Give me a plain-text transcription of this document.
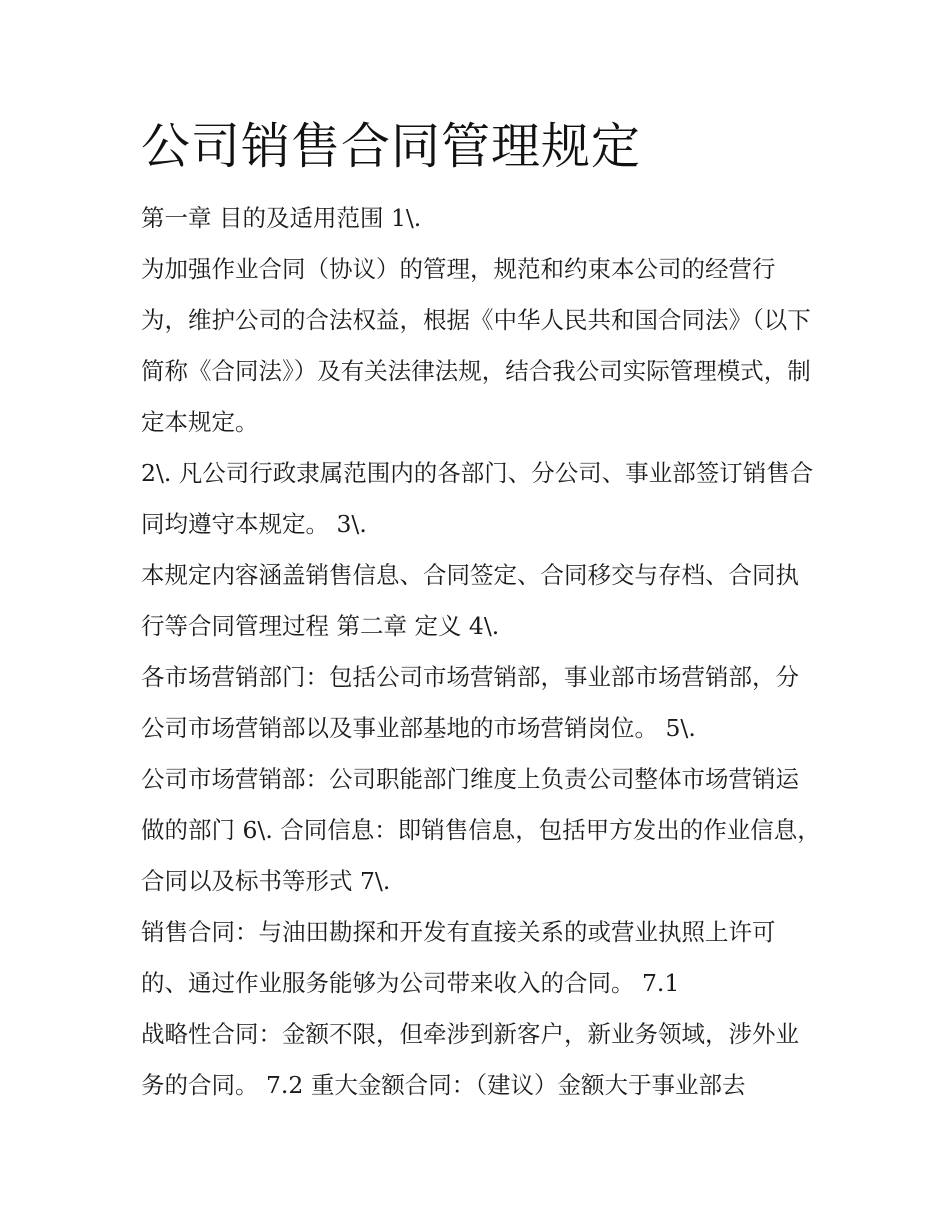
公司销售合同管理规定

第一章 目的及适用范围 1\.

为加强作业合同（协议）的管理，规范和约束本公司的经营行为，维护公司的合法权益，根据《中华人民共和国合同法》（以下简称《合同法》）及有关法律法规，结合我公司实际管理模式，制定本规定。

2\. 凡公司行政隶属范围内的各部门、分公司、事业部签订销售合同均遵守本规定。 3\.

本规定内容涵盖销售信息、合同签定、合同移交与存档、合同执行等合同管理过程 第二章 定义 4\.

各市场营销部门：包括公司市场营销部，事业部市场营销部，分公司市场营销部以及事业部基地的市场营销岗位。 5\.

公司市场营销部：公司职能部门维度上负责公司整体市场营销运做的部门 6\. 合同信息：即销售信息，包括甲方发出的作业信息，合同以及标书等形式 7\.

销售合同：与油田勘探和开发有直接关系的或营业执照上许可的、通过作业服务能够为公司带来收入的合同。 7.1

战略性合同：金额不限，但牵涉到新客户，新业务领域，涉外业务的合同。 7.2 重大金额合同：（建议）金额大于事业部去
